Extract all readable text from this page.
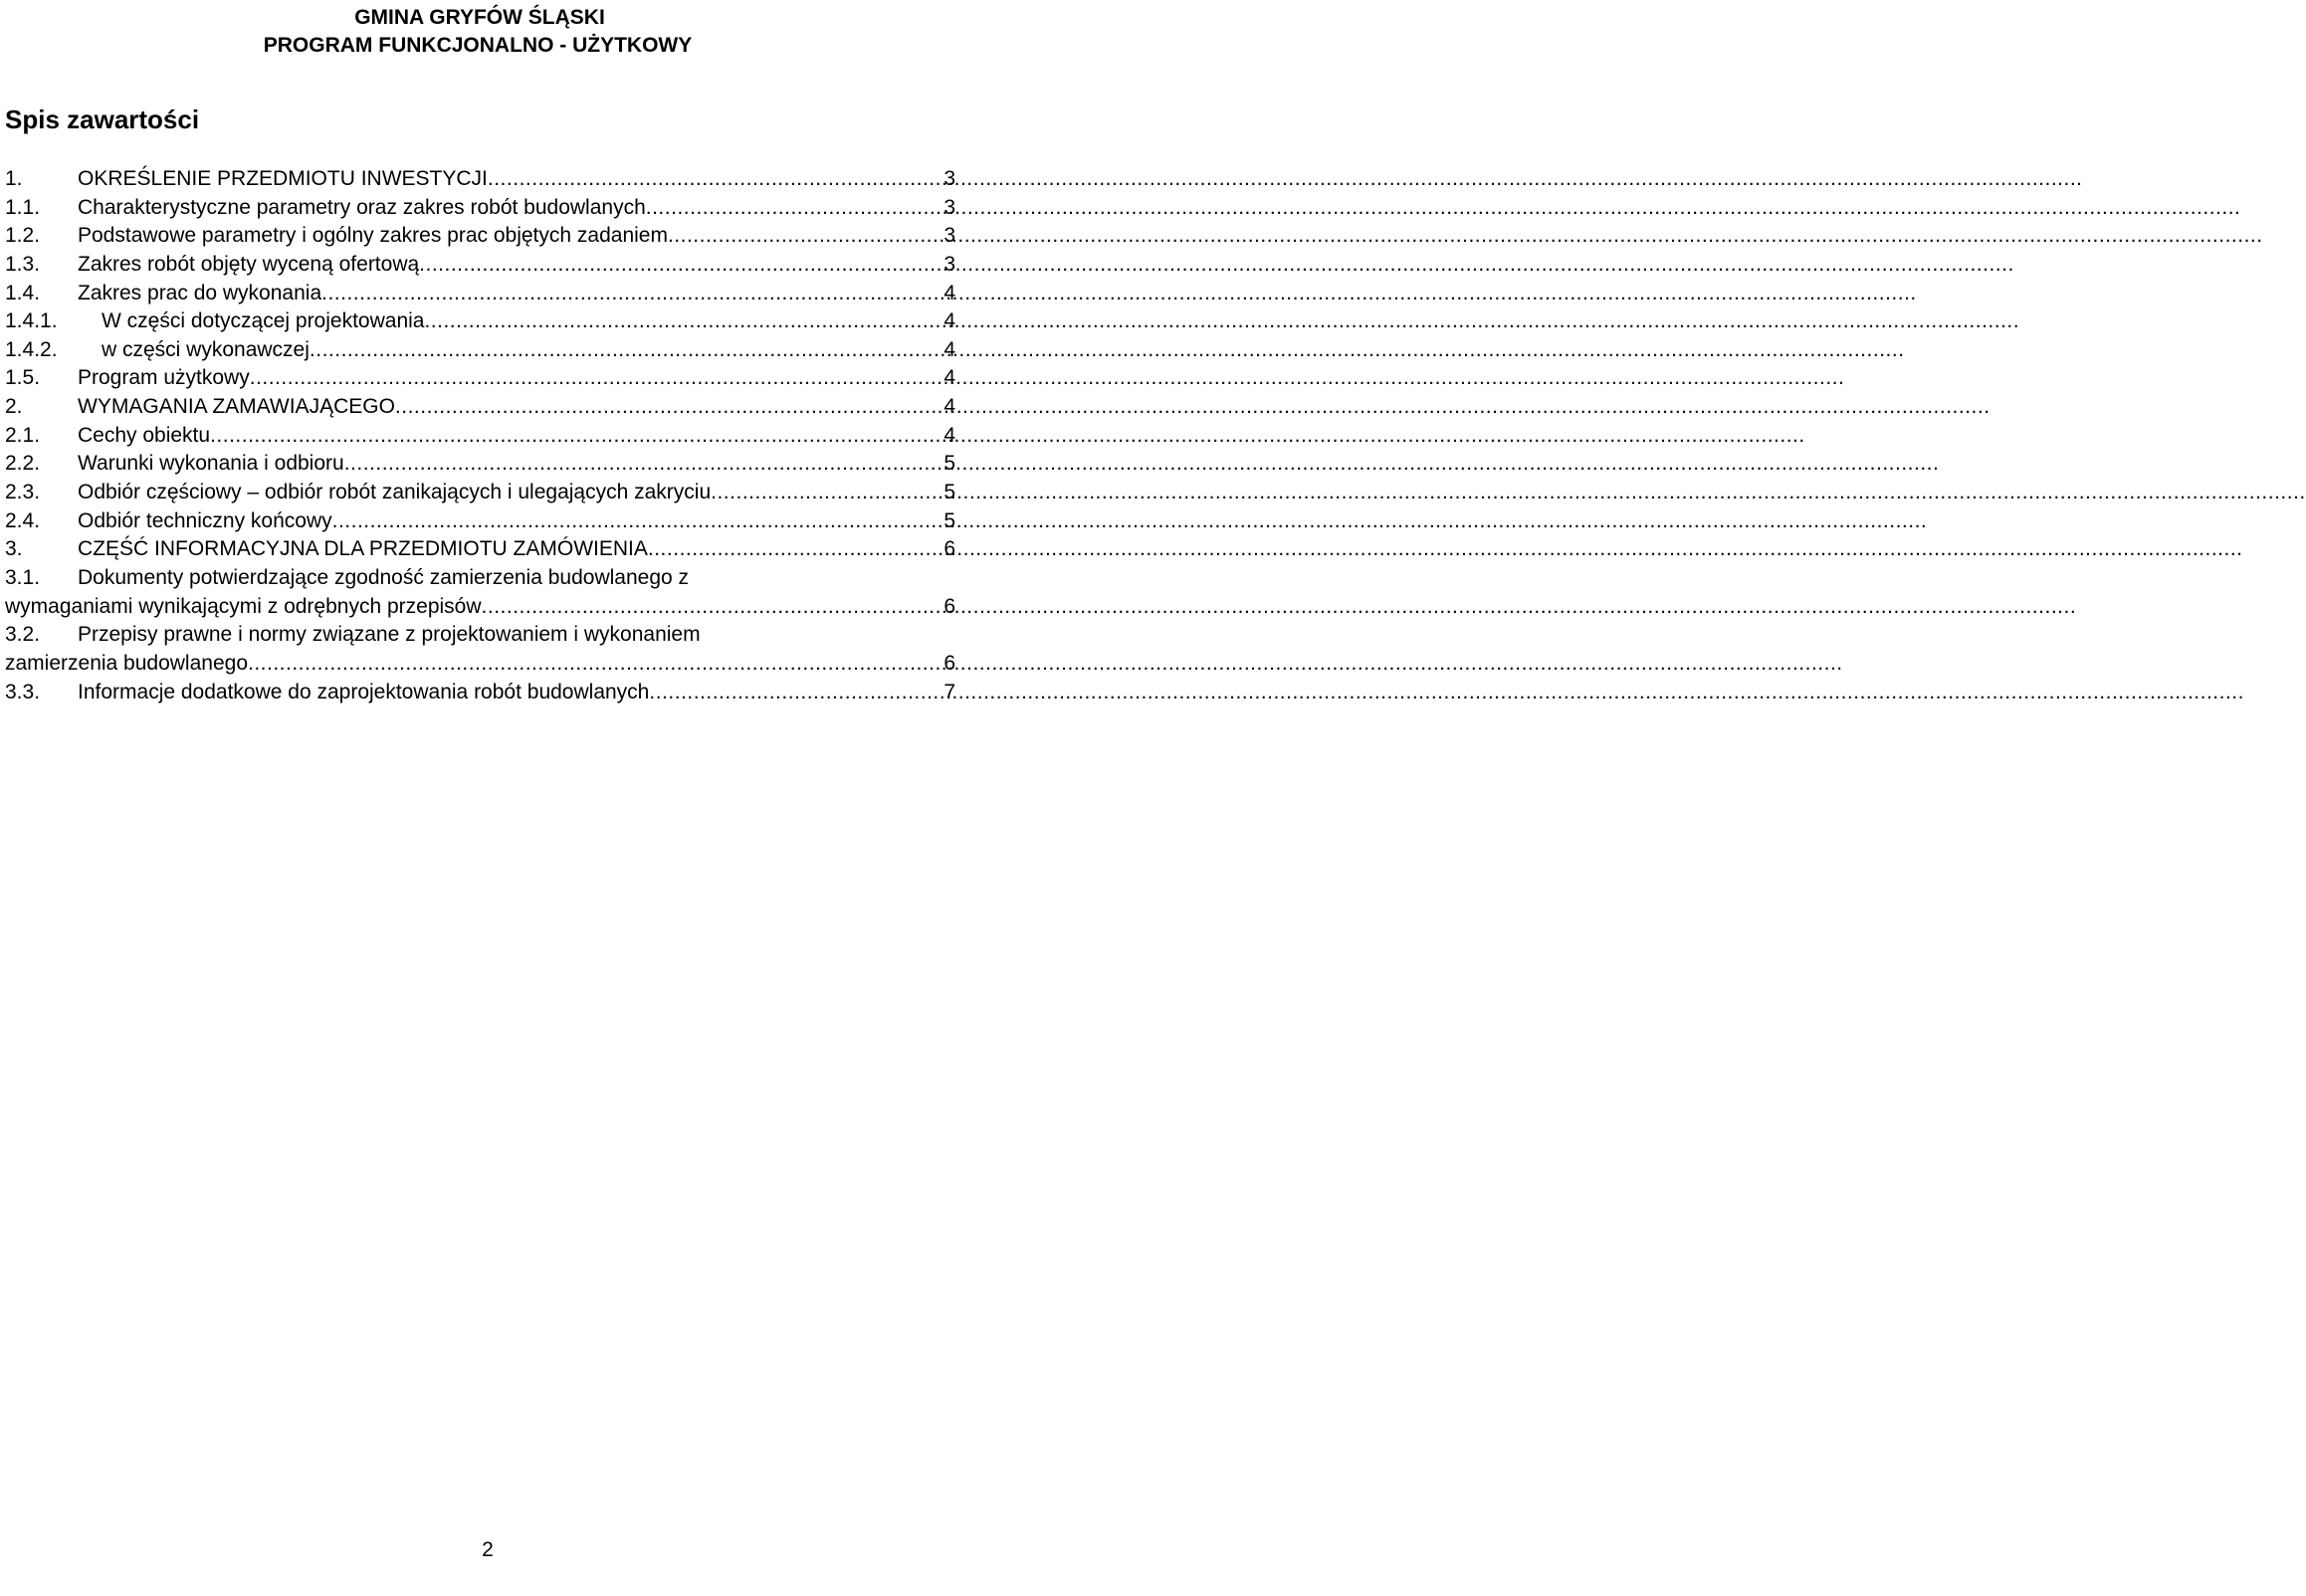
GMINA GRYFÓW ŚLĄSKI
PROGRAM FUNKCJONALNO - UŻYTKOWY
Spis zawartości
1.	OKREŚLENIE PRZEDMIOTU INWESTYCJI .....	3
1.1.	Charakterystyczne parametry oraz zakres robót budowlanych .....	3
1.2.	Podstawowe parametry i ogólny zakres prac objętych zadaniem .....	3
1.3.	Zakres robót objęty wyceną ofertową .....	3
1.4.	Zakres prac do wykonania .....	4
1.4.1.	W części dotyczącej projektowania .....	4
1.4.2.	w części wykonawczej .....	4
1.5.	Program użytkowy .....	4
2.	WYMAGANIA ZAMAWIAJĄCEGO .....	4
2.1.	Cechy obiektu .....	4
2.2.	Warunki wykonania i odbioru .....	5
2.3.	Odbiór częściowy – odbiór robót zanikających i ulegających zakryciu .....	5
2.4.	Odbiór techniczny końcowy .....	5
3.	CZĘŚĆ INFORMACYJNA DLA PRZEDMIOTU ZAMÓWIENIA .....	6
3.1.	Dokumenty potwierdzające zgodność zamierzenia budowlanego z
wymaganiami wynikającymi z odrębnych przepisów .....	6
3.2.	Przepisy prawne i normy związane z projektowaniem i wykonaniem
zamierzenia budowlanego .....	6
3.3.	Informacje dodatkowe do zaprojektowania robót budowlanych .....	7
2
